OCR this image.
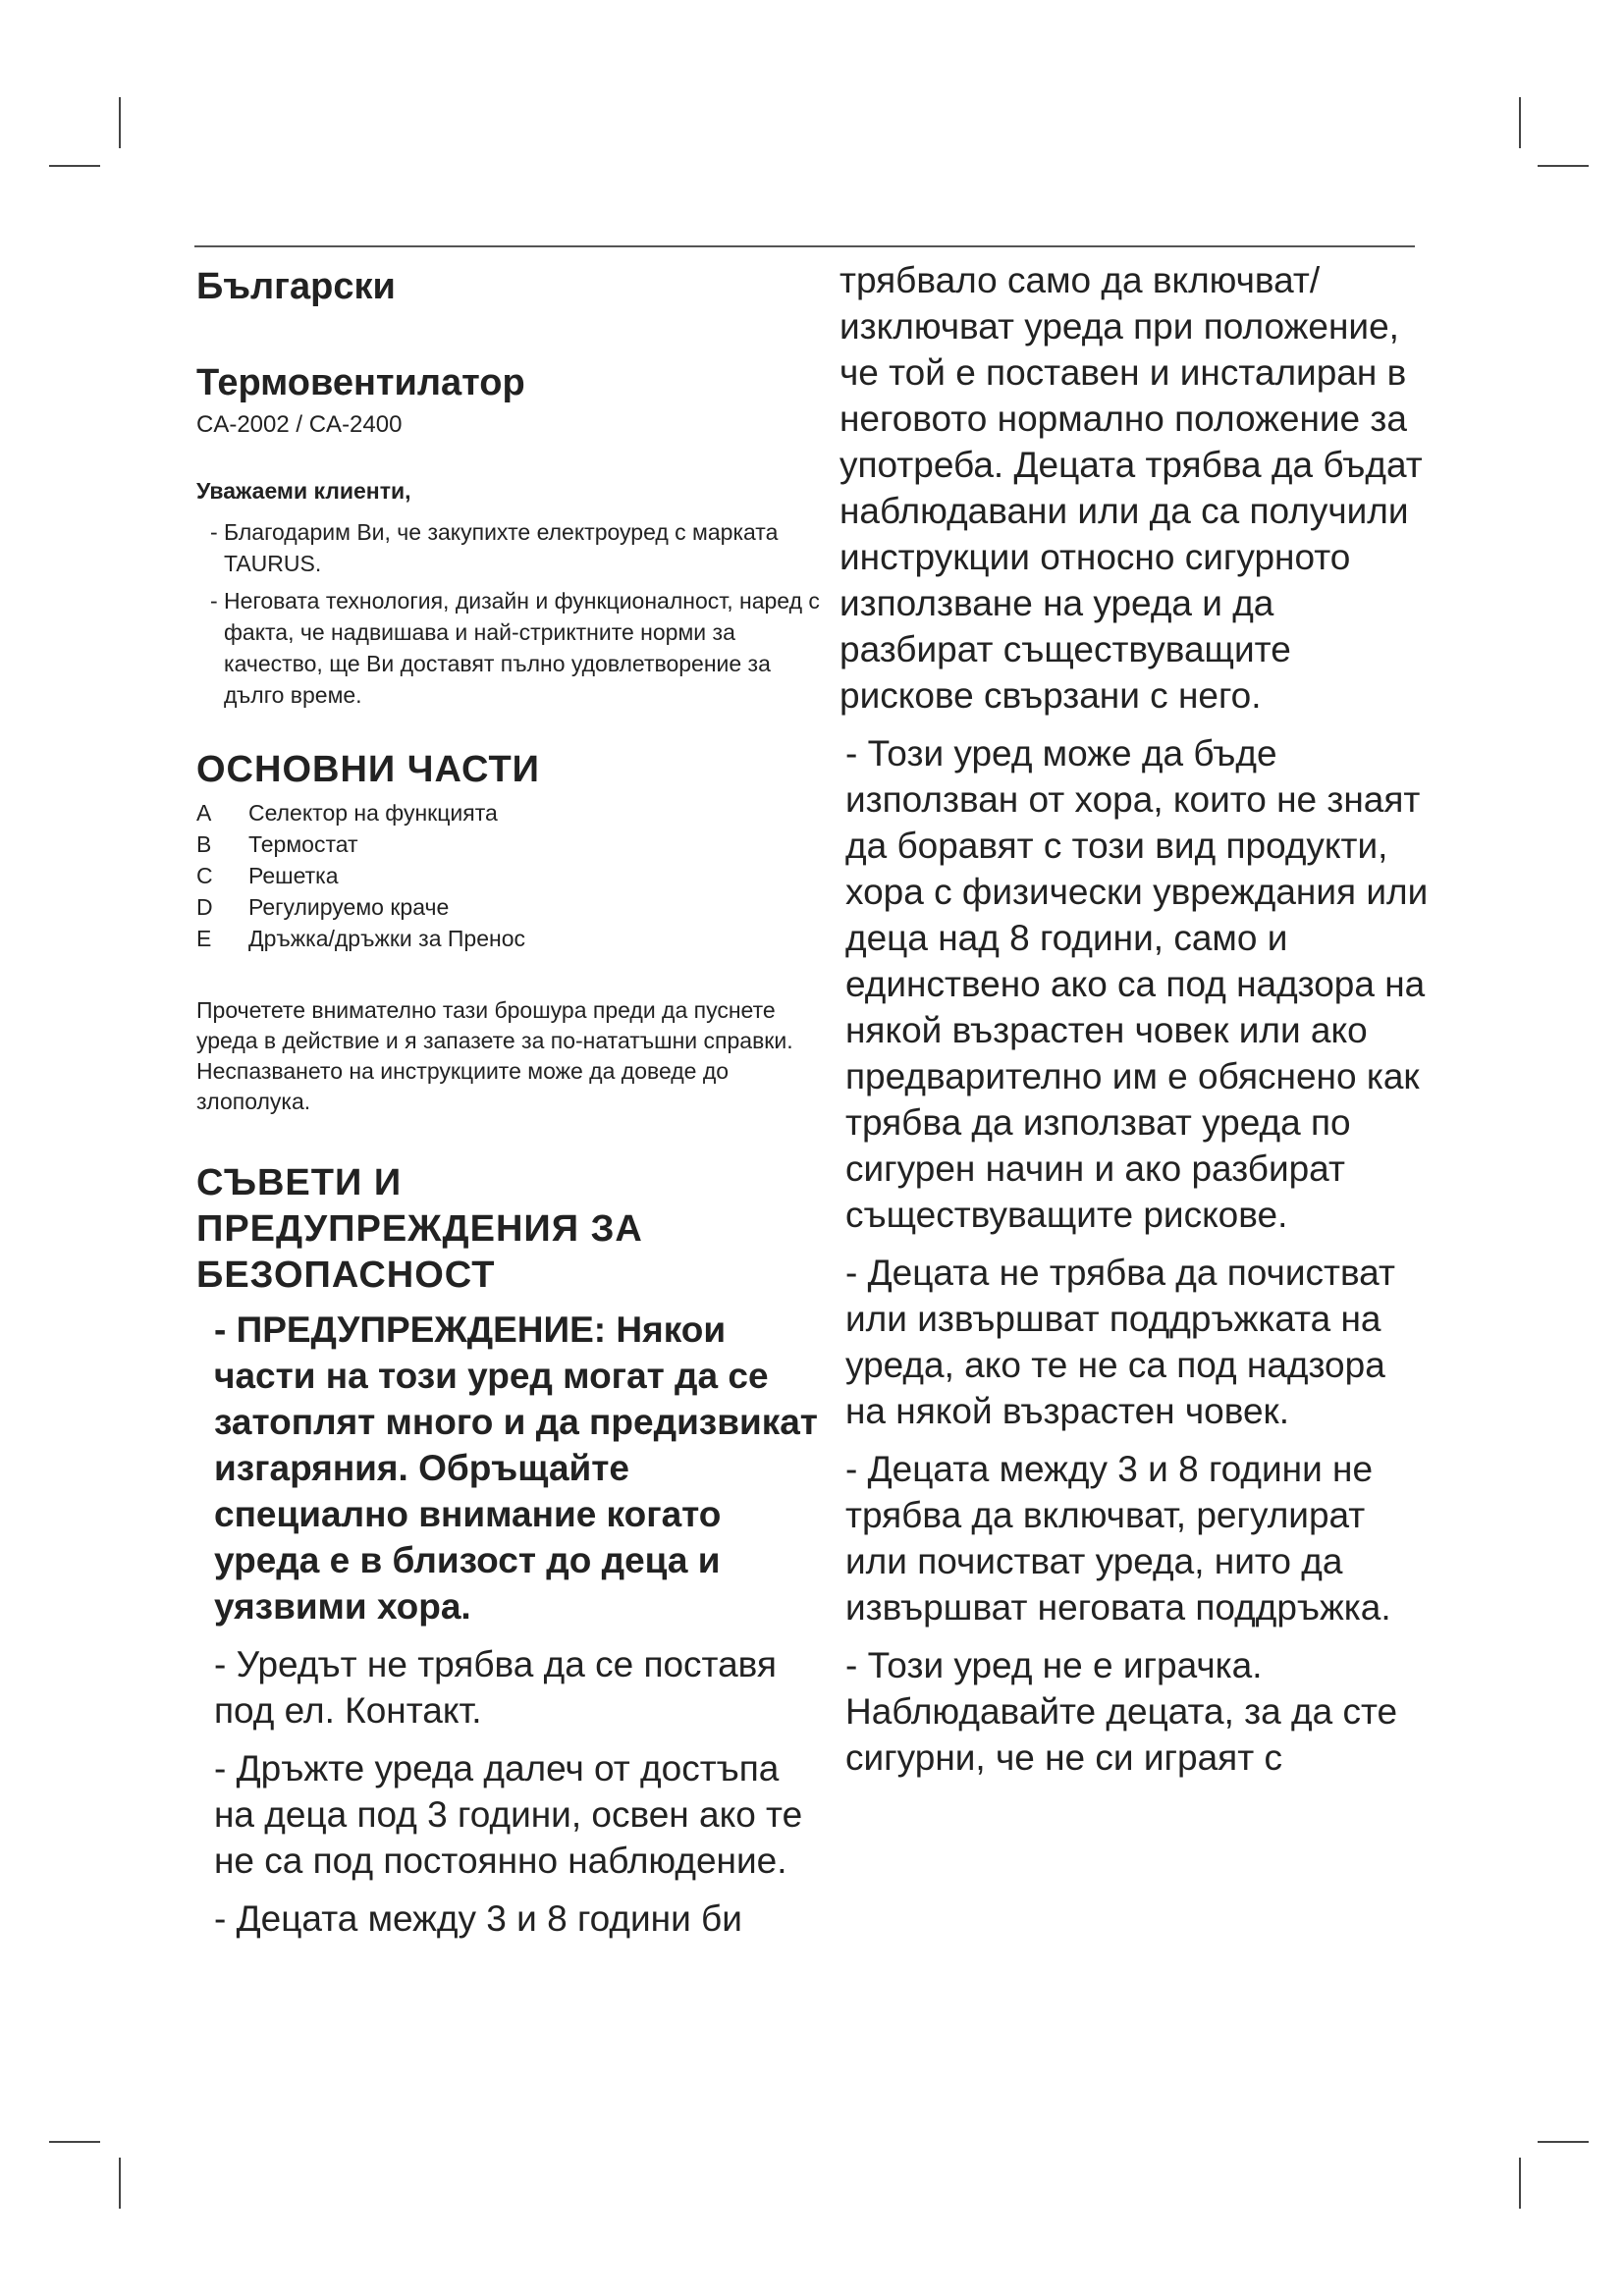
Български
Термовентилатор
CA-2002 / CA-2400
Уважаеми клиенти,

- Благодарим Ви, че закупихте електроуред с марката TAURUS.

- Неговата технология, дизайн и функционалност, наред с факта, че надвишава и най-стриктните норми за качество, ще Ви доставят пълно удовлетворение за дълго време.

ОСНОВНИ ЧАСТИ
A	Селектор на функцията
B	Термостат
C	Решетка
D	Регулируемо краче
E	Дръжка/дръжки за Пренос
Прочетете внимателно тази брошура преди да пуснете уреда в действие и я запазете за по-нататъшни справки. Неспазването на инструкциите може да доведе до злополука.
СЪВЕТИ И
ПРЕДУПРЕЖДЕНИЯ ЗА
БЕЗОПАСНОСТ

- ПРЕДУПРЕЖДЕНИЕ: Някои части на този уред могат да се затоплят много и да предизвикат изгаряния. Обръщайте специално внимание когато уреда е в близост до деца и уязвими хора.

- Уредът не трябва да се поставя под ел. Контакт.

- Дръжте уреда далеч от достъпа на деца под 3 години, освен ако те не са под постоянно наблюдение.

- Децата между 3 и 8 години би

трябвало само да включват/ изключват уреда при положение, че той е поставен и инсталиран в неговото нормално положение за употреба. Децата трябва да бъдат наблюдавани или да са получили инструкции относно сигурното използване на уреда и да разбират съществуващите рискове свързани с него.

- Този уред може да бъде използван от хора, които не знаят да боравят с този вид продукти, хора с физически увреждания или деца над 8 години, само и единствено ако са под надзора на някой възрастен човек или ако предварително им е обяснено как трябва да използват уреда по сигурен начин и ако разбират съществуващите рискове.

- Децата не трябва да почистват или извършват поддръжката на уреда, ако те не са под надзора на някой възрастен човек.

- Децата между 3 и 8 години не трябва да включват, регулират или почистват уреда, нито да извършват неговата поддръжка.

- Този уред не е играчка. Наблюдавайте децата, за да сте сигурни, че не си играят с
